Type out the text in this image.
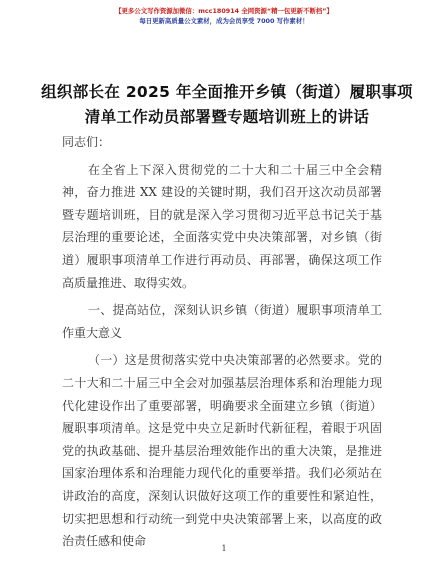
【更多公文写作资源加微信：mcc180914 全网资源“精一包更新不断档”】
每日更新高质量公文素材，成为会员享受 7000 写作素材！
组织部长在 2025 年全面推开乡镇（街道）履职事项清单工作动员部署暨专题培训班上的讲话

同志们：

在全省上下深入贯彻党的二十大和二十届三中全会精神，奋力推进 XX 建设的关键时期，我们召开这次动员部署暨专题培训班，目的就是深入学习贯彻习近平总书记关于基层治理的重要论述，全面落实党中央决策部署，对乡镇（街道）履职事项清单工作进行再动员、再部署，确保这项工作高质量推进、取得实效。

一、提高站位，深刻认识乡镇（街道）履职事项清单工作重大意义

（一）这是贯彻落实党中央决策部署的必然要求。党的二十大和二十届三中全会对加强基层治理体系和治理能力现代化建设作出了重要部署，明确要求全面建立乡镇（街道）履职事项清单。这是党中央立足新时代新征程，着眼于巩固党的执政基础、提升基层治理效能作出的重大决策，是推进国家治理体系和治理能力现代化的重要举措。我们必须站在讲政治的高度，深刻认识做好这项工作的重要性和紧迫性，切实把思想和行动统一到党中央决策部署上来，以高度的政治责任感和使命

1
